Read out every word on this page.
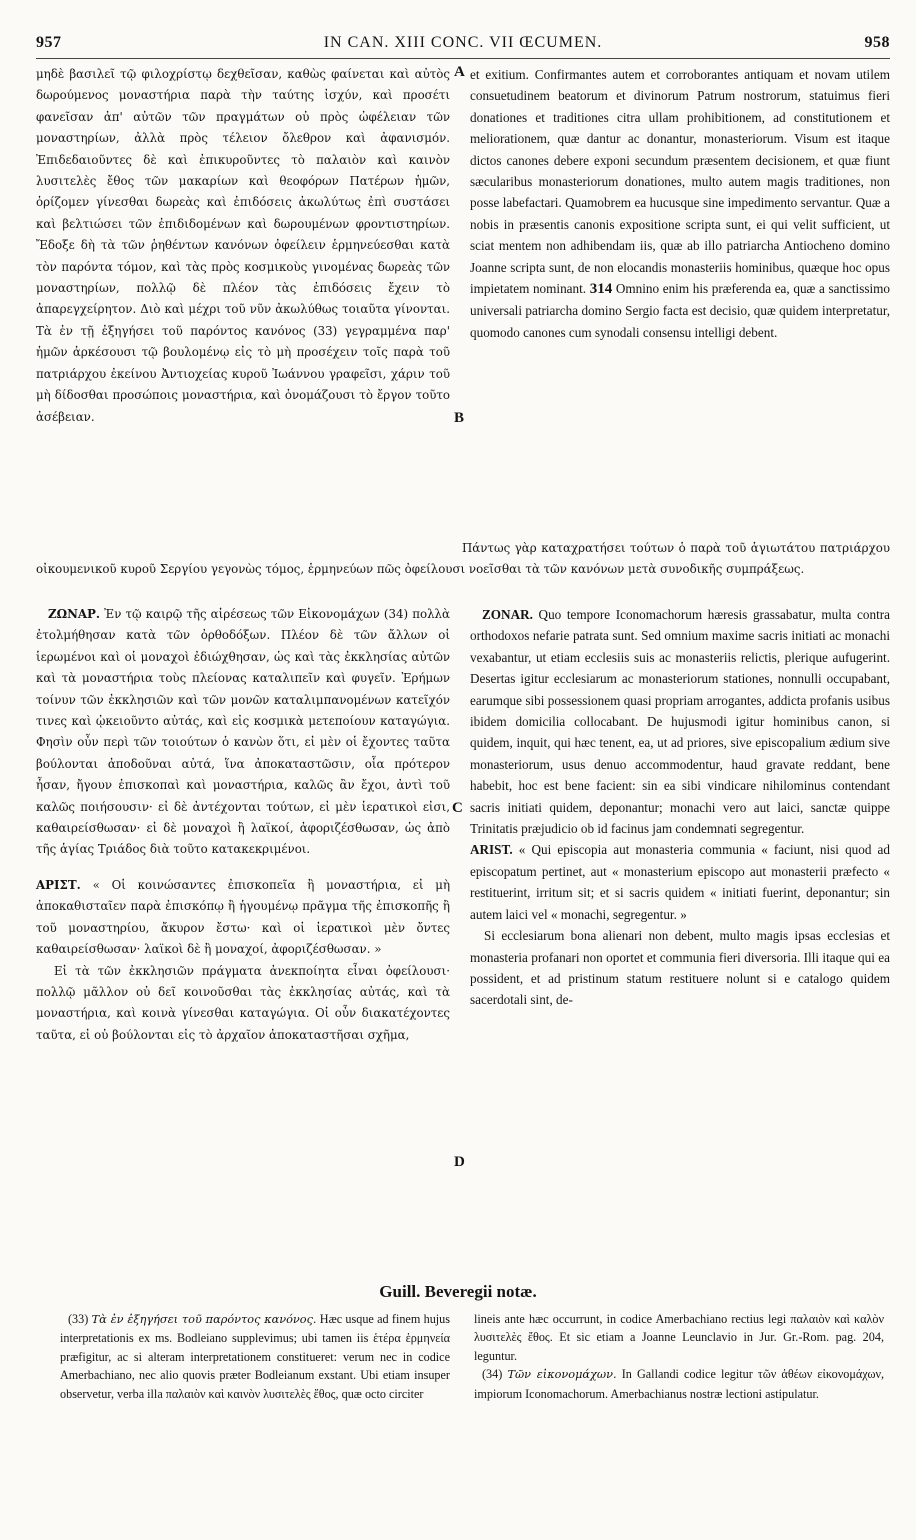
957	IN CAN. XIII CONC. VII ŒCUMEN.	958
A
B
C
D

μηδὲ βασιλεῖ τῷ φιλοχρίστῳ δεχθεῖσαν, καθὼς φαίνεται καὶ αὐτὸς δωρούμενος μοναστήρια παρὰ τὴν ταύτης ἰσχύν, καὶ προσέτι φανεῖσαν ἀπ' αὐτῶν τῶν πραγμάτων οὐ πρὸς ὠφέλειαν τῶν μοναστηρίων, ἀλλὰ πρὸς τέλειον ὄλεθρον καὶ ἀφανισμόν. Ἐπιδεδαιοῦντες δὲ καὶ ἐπικυροῦντες τὸ παλαιὸν καὶ καινὸν λυσιτελὲς ἔθος τῶν μακαρίων καὶ θεοφόρων Πατέρων ἡμῶν, ὁρίζομεν γίνεσθαι δωρεὰς καὶ ἐπιδόσεις ἀκωλύτως ἐπὶ συστάσει καὶ βελτιώσει τῶν ἐπιδιδομένων καὶ δωρουμένων φροντιστηρίων. Ἔδοξε δὴ τὰ τῶν ῥηθέντων κανόνων ὀφείλειν ἑρμηνεύεσθαι κατὰ τὸν παρόντα τόμον, καὶ τὰς πρὸς κοσμικοὺς γινομένας δωρεὰς τῶν μοναστηρίων, πολλῷ δὲ πλέον τὰς ἐπιδόσεις ἔχειν τὸ ἀπαρεγχείρητον. Διὸ καὶ μέχρι τοῦ νῦν ἀκωλύθως τοιαῦτα γίνονται. Τὰ ἐν τῇ ἐξηγήσει τοῦ παρόντος κανόνος (33) γεγραμμένα παρ' ἡμῶν ἀρκέσουσι τῷ βουλομένῳ εἰς τὸ μὴ προσέχειν τοῖς παρὰ τοῦ πατριάρχου ἐκείνου Ἀντιοχείας κυροῦ Ἰωάννου γραφεῖσι, χάριν τοῦ μὴ δίδοσθαι προσώποις μοναστήρια, καὶ ὀνομάζουσι τὸ ἔργον τοῦτο ἀσέβειαν.

et exitium. Confirmantes autem et corroborantes antiquam et novam utilem consuetudinem beatorum et divinorum Patrum nostrorum, statuimus fieri donationes et traditiones citra ullam prohibitionem, ad constitutionem et meliorationem, quæ dantur ac donantur, monasteriorum. Visum est itaque dictos canones debere exponi secundum præsentem decisionem, et quæ fiunt sæcularibus monasteriorum donationes, multo autem magis traditiones, non posse labefactari. Quamobrem ea hucusque sine impedimento servantur. Quæ a nobis in præsentis canonis expositione scripta sunt, ei qui velit sufficient, ut sciat mentem non adhibendam iis, quæ ab illo patriarcha Antiocheno domino Joanne scripta sunt, de non elocandis monasteriis hominibus, quæque hoc opus impietatem nominant. 314 Omnino enim his præferenda ea, quæ a sanctissimo universali patriarcha domino Sergio facta est decisio, quæ quidem interpretatur, quomodo canones cum synodali consensu intelligi debent.

Πάντως γὰρ καταχρατήσει τούτων ὁ παρὰ τοῦ ἁγιωτάτου πατριάρχου οἰκουμενικοῦ κυροῦ Σεργίου γεγονὼς τόμος, ἑρμηνεύων πῶς ὀφείλουσι νοεῖσθαι τὰ τῶν κανόνων μετὰ συνοδικῆς συμπράξεως.

ΖΩΝΑΡ. Ἐν τῷ καιρῷ τῆς αἱρέσεως τῶν Εἰκονομάχων (34) πολλὰ ἐτολμήθησαν κατὰ τῶν ὀρθοδόξων. Πλέον δὲ τῶν ἄλλων οἱ ἱερωμένοι καὶ οἱ μοναχοὶ ἐδιώχθησαν, ὡς καὶ τὰς ἐκκλησίας αὐτῶν καὶ τὰ μοναστήρια τοὺς πλείονας καταλιπεῖν καὶ φυγεῖν. Ἐρήμων τοίνυν τῶν ἐκκλησιῶν καὶ τῶν μονῶν καταλιμπανομένων κατεῖχόν τινες καὶ ᾠκειοῦντο αὐτάς, καὶ εἰς κοσμικὰ μετεποίουν καταγώγια. Φησὶν οὖν περὶ τῶν τοιούτων ὁ κανὼν ὅτι, εἰ μὲν οἱ ἔχοντες ταῦτα βούλονται ἀποδοῦναι αὐτά, ἵνα ἀποκαταστῶσιν, οἷα πρότερον ἦσαν, ἤγουν ἐπισκοπαὶ καὶ μοναστήρια, καλῶς ἂν ἔχοι, ἀντὶ τοῦ καλῶς ποιήσουσιν· εἰ δὲ ἀντέχονται τούτων, εἰ μὲν ἱερατικοὶ εἰσι, καθαιρείσθωσαν· εἰ δὲ μοναχοὶ ἢ λαϊκοί, ἀφοριζέσθωσαν, ὡς ἀπὸ τῆς ἁγίας Τριάδος διὰ τοῦτο κατακεκριμένοι.

ΑΡΙΣΤ. « Οἱ κοινώσαντες ἐπισκοπεῖα ἢ μοναστήρια, εἰ μὴ ἀποκαθισταῖεν παρὰ ἐπισκόπῳ ἢ ἡγουμένῳ πρᾶγμα τῆς ἐπισκοπῆς ἢ τοῦ μοναστηρίου, ἄκυρον ἔστω· καὶ οἱ ἱερατικοὶ μὲν ὄντες καθαιρείσθωσαν· λαϊκοὶ δὲ ἢ μοναχοί, ἀφοριζέσθωσαν. »

Εἰ τὰ τῶν ἐκκλησιῶν πράγματα ἀνεκποίητα εἶναι ὀφείλουσι· πολλῷ μᾶλλον οὐ δεῖ κοινοῦσθαι τὰς ἐκκλησίας αὐτάς, καὶ τὰ μοναστήρια, καὶ κοινὰ γίνεσθαι καταγώγια. Οἱ οὖν διακατέχοντες ταῦτα, εἰ οὐ βούλονται εἰς τὸ ἀρχαῖον ἀποκαταστῆσαι σχῆμα,

ZONAR. Quo tempore Iconomachorum hæresis grassabatur, multa contra orthodoxos nefarie patrata sunt. Sed omnium maxime sacris initiati ac monachi vexabantur, ut etiam ecclesiis suis ac monasteriis relictis, plerique aufugerint. Desertas igitur ecclesiarum ac monasteriorum stationes, nonnulli occupabant, earumque sibi possessionem quasi propriam arrogantes, addicta profanis usibus ibidem domicilia collocabant. De hujusmodi igitur hominibus canon, si quidem, inquit, qui hæc tenent, ea, ut ad priores, sive episcopalium ædium sive monasteriorum, usus denuo accommodentur, haud gravate reddant, bene habebit, hoc est bene facient: sin ea sibi vindicare nihilominus contendant sacris initiati quidem, deponantur; monachi vero aut laici, sanctæ quippe Trinitatis præjudicio ob id facinus jam condemnati segregentur.

ARIST. « Qui episcopia aut monasteria communia « faciunt, nisi quod ad episcopatum pertinet, aut « monasterium episcopo aut monasterii præfecto « restituerint, irritum sit; et si sacris quidem « initiati fuerint, deponantur; sin autem laici vel « monachi, segregentur. »

Si ecclesiarum bona alienari non debent, multo magis ipsas ecclesias et monasteria profanari non oportet et communia fieri diversoria. Illi itaque qui ea possident, et ad pristinum statum restituere nolunt si e catalogo quidem sacerdotali sint, de-

Guill. Beveregii notæ.

(33) Τὰ ἐν ἐξηγήσει τοῦ παρόντος κανόνος. Hæc usque ad finem hujus interpretationis ex ms. Bodleiano supplevimus; ubi tamen iis ἑτέρα ἑρμηνεία præfigitur, ac si alteram interpretationem constitueret: verum nec in codice Amerbachiano, nec alio quovis præter Bodleianum exstant. Ubi etiam insuper observetur, verba illa παλαιὸν καὶ καινὸν λυσιτελὲς ἔθος, quæ octo circiter

lineis ante hæc occurrunt, in codice Amerbachiano rectius legi παλαιὸν καὶ καλὸν λυσιτελὲς ἔθος. Et sic etiam a Joanne Leunclavio in Jur. Gr.-Rom. pag. 204, leguntur.

(34) Τῶν εἰκονομάχων. In Gallandi codice legitur τῶν ἀθέων εἰκονομάχων, impiorum Iconomachorum. Amerbachianus nostræ lectioni astipulatur.
